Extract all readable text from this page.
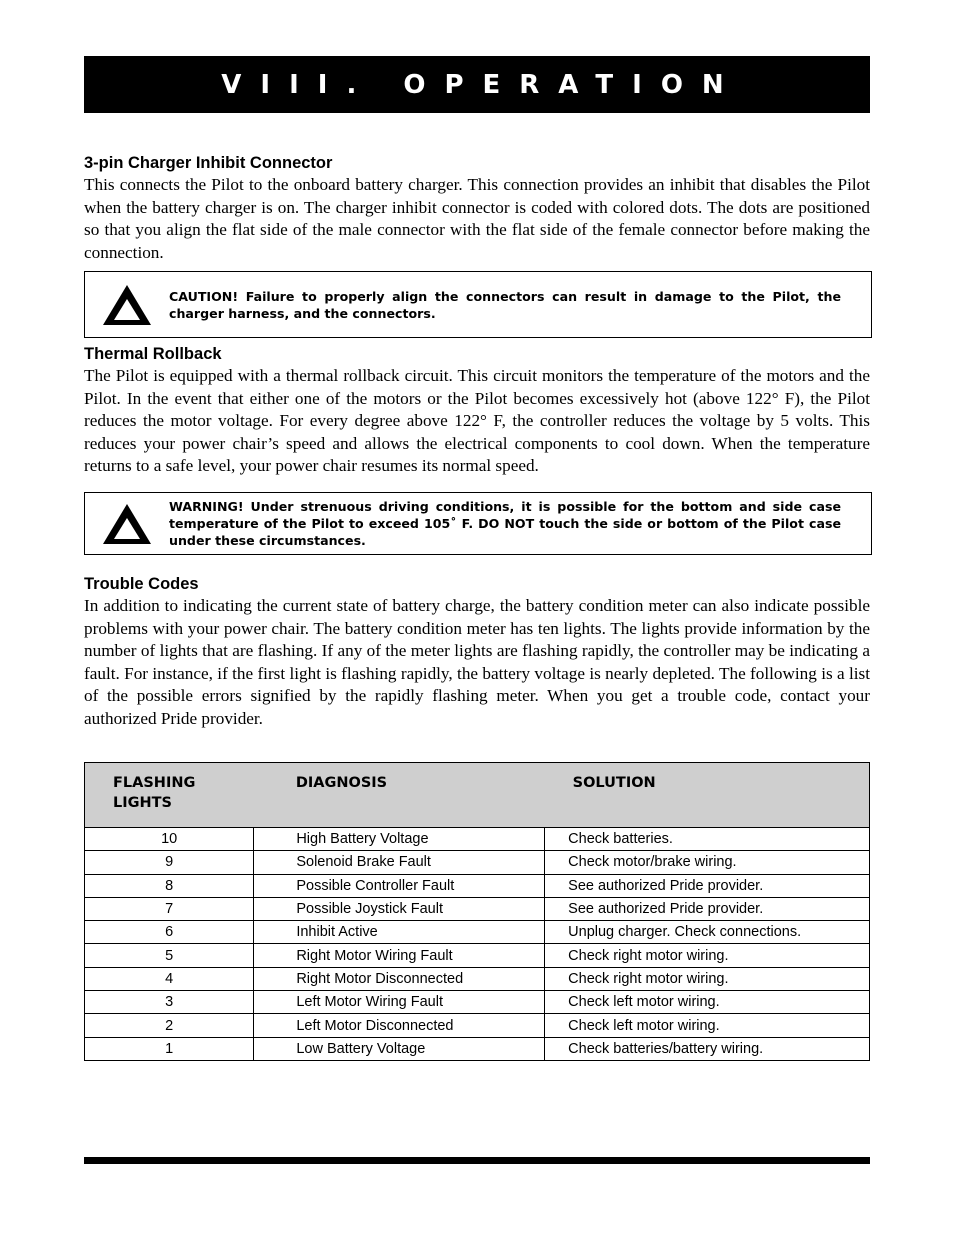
VIII. OPERATION
3-pin Charger Inhibit Connector

This connects the Pilot to the onboard battery charger. This connection provides an inhibit that disables the Pilot when the battery charger is on. The charger inhibit connector is coded with colored dots. The dots are positioned so that you align the flat side of the male connector with the flat side of the female connector before making the connection.

CAUTION! Failure to properly align the connectors can result in damage to the Pilot, the charger harness, and the connectors.
Thermal Rollback

The Pilot is equipped with a thermal rollback circuit. This circuit monitors the temperature of the motors and the Pilot. In the event that either one of the motors or the Pilot becomes excessively hot (above 122° F), the Pilot reduces the motor voltage. For every degree above 122° F, the controller reduces the voltage by 5 volts. This reduces your power chair’s speed and allows the electrical components to cool down. When the temperature returns to a safe level, your power chair resumes its normal speed.

WARNING! Under strenuous driving conditions, it is possible for the bottom and side case temperature of the Pilot to exceed 105˚ F. DO NOT touch the side or bottom of the Pilot case under these circumstances.
Trouble Codes

In addition to indicating the current state of battery charge, the battery condition meter can also indicate possible problems with your power chair. The battery condition meter has ten lights. The lights provide information by the number of lights that are flashing. If any of the meter lights are flashing rapidly, the controller may be indicating a fault. For instance, if the first light is flashing rapidly, the battery voltage is nearly depleted. The following is a list of the possible errors signified by the rapidly flashing meter. When you get a trouble code, contact your authorized Pride provider.

FLASHING
LIGHTS	DIAGNOSIS	SOLUTION
10	High Battery Voltage	Check batteries.
9	Solenoid Brake Fault	Check motor/brake wiring.
8	Possible Controller Fault	See authorized Pride provider.
7	Possible Joystick Fault	See authorized Pride provider.
6	Inhibit Active	Unplug charger. Check connections.
5	Right Motor Wiring Fault	Check right motor wiring.
4	Right Motor Disconnected	Check right motor wiring.
3	Left Motor Wiring Fault	Check left motor wiring.
2	Left Motor Disconnected	Check left motor wiring.
1	Low Battery Voltage	Check batteries/battery wiring.
